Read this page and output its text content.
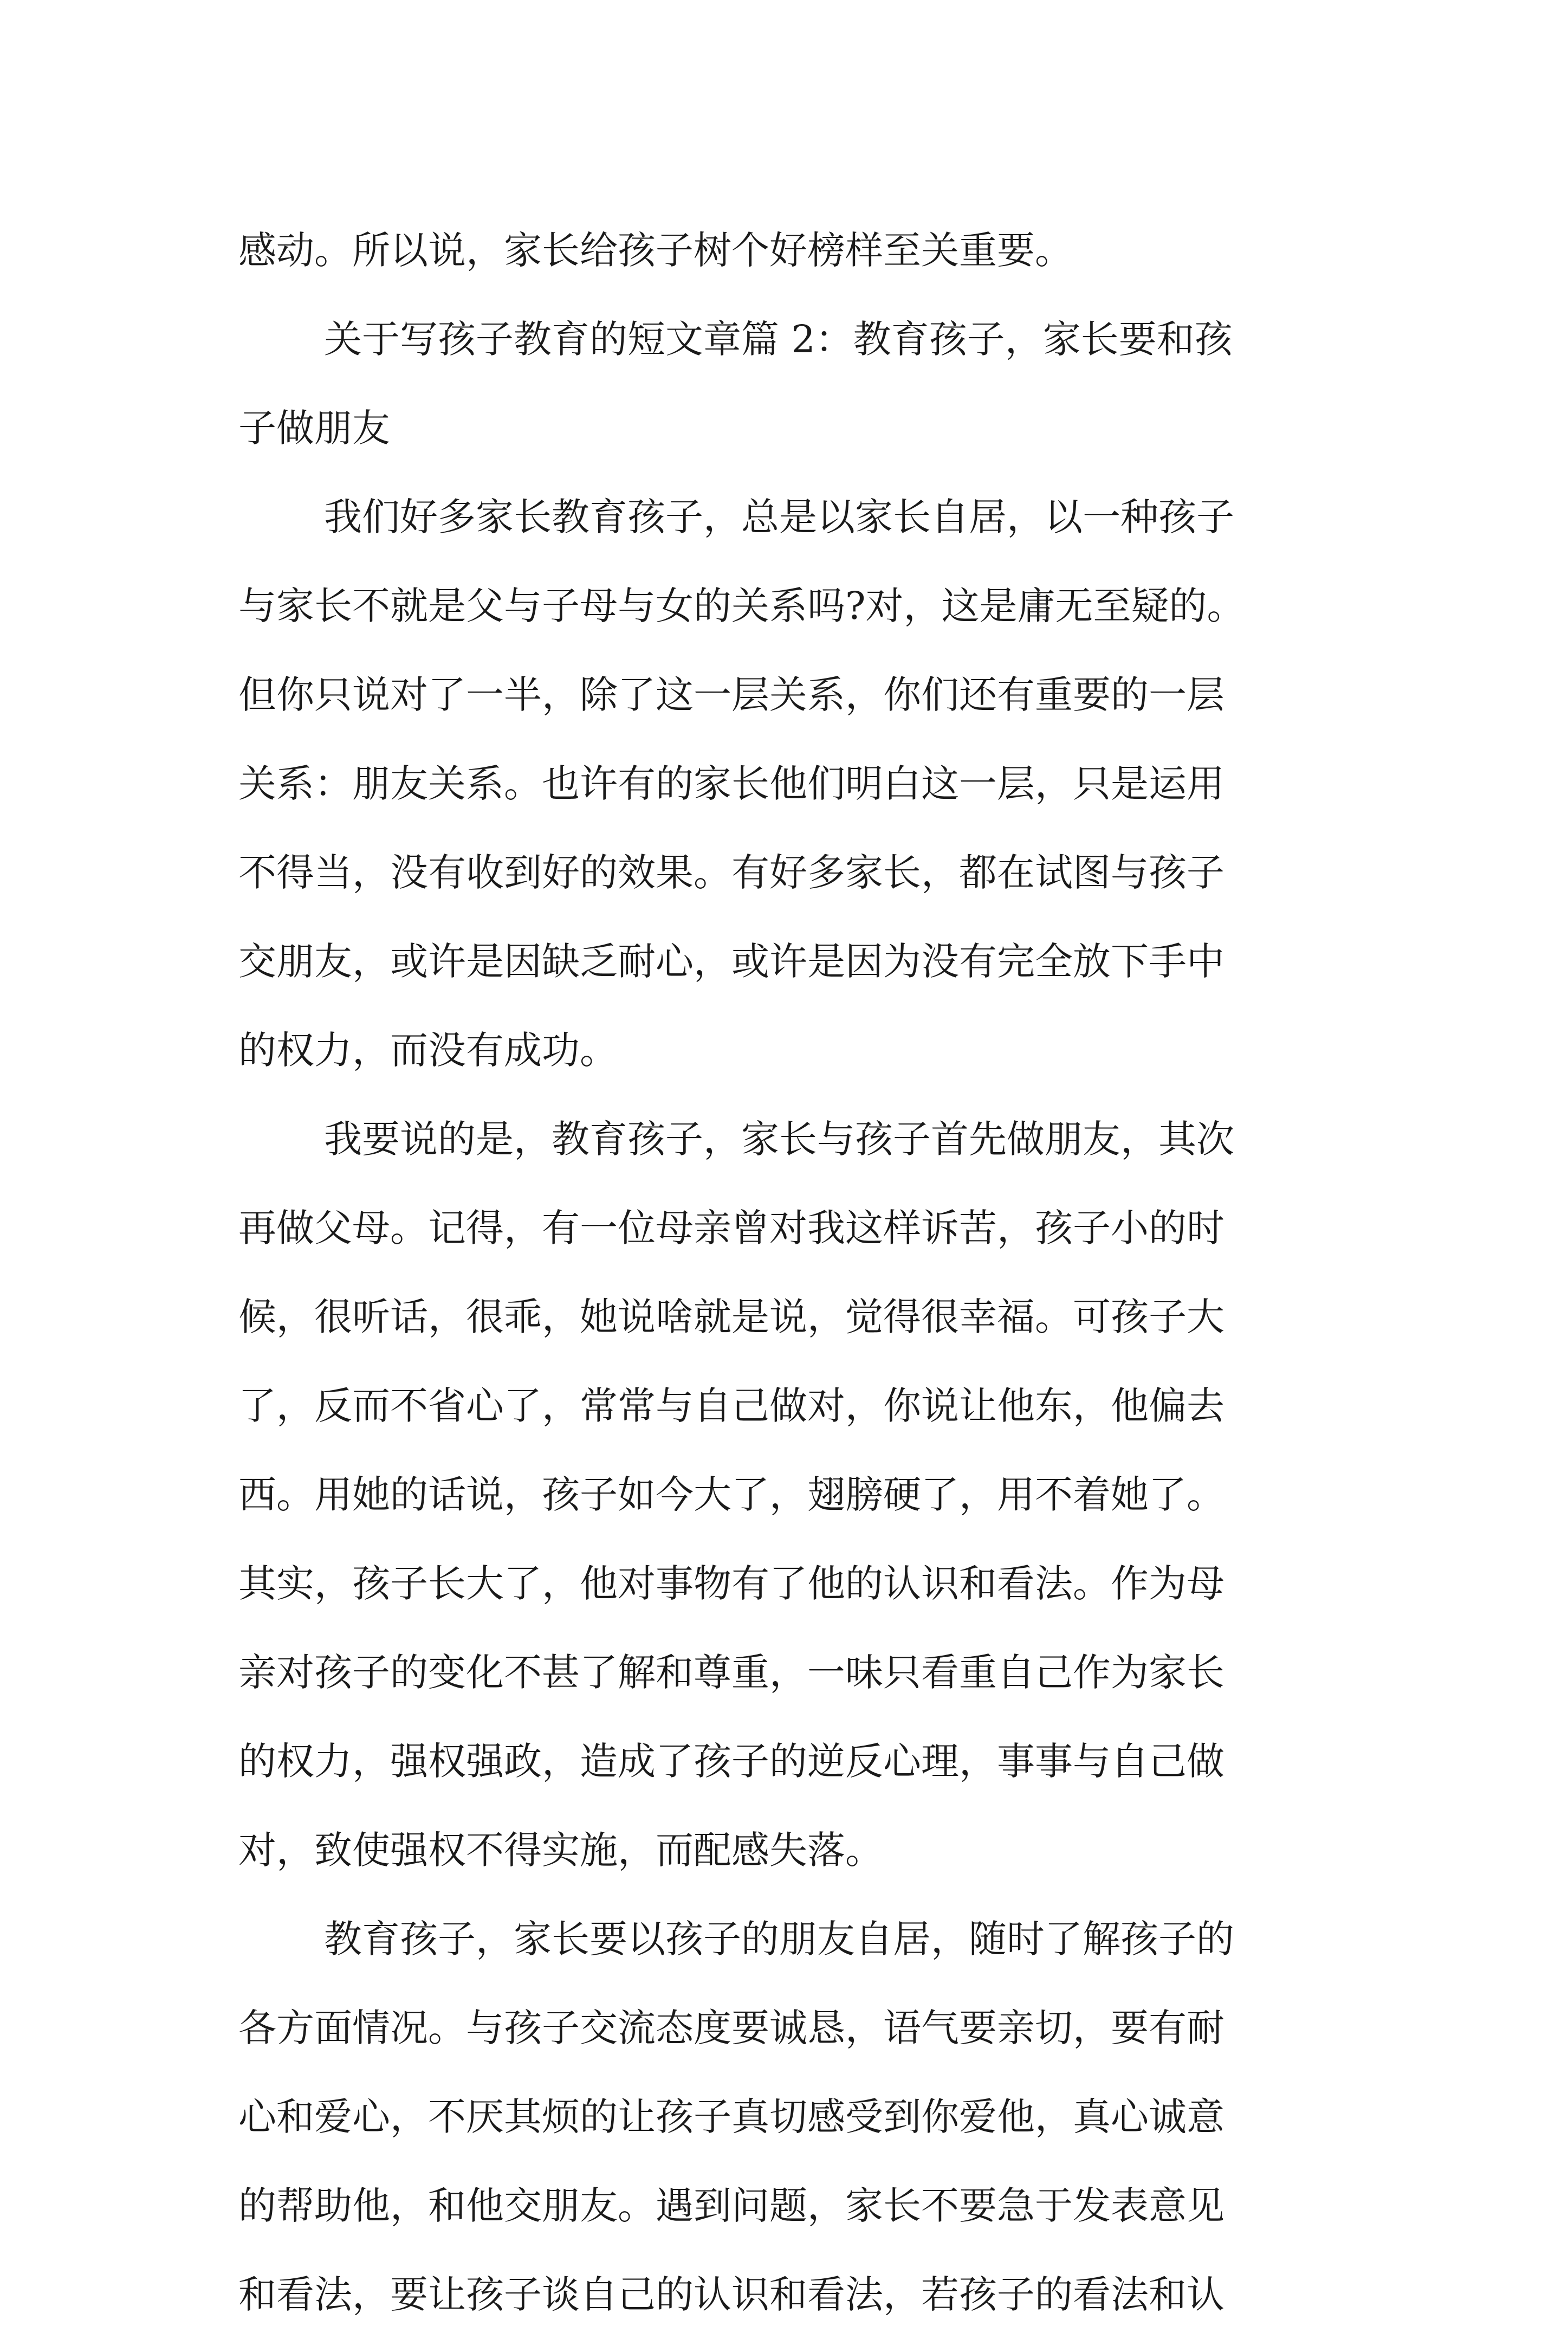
感动。所以说，家长给孩子树个好榜样至关重要。
关于写孩子教育的短文章篇 2：教育孩子，家长要和孩
子做朋友
我们好多家长教育孩子，总是以家长自居，以一种孩子
与家长不就是父与子母与女的关系吗?对，这是庸无至疑的。
但你只说对了一半，除了这一层关系，你们还有重要的一层
关系：朋友关系。也许有的家长他们明白这一层，只是运用
不得当，没有收到好的效果。有好多家长，都在试图与孩子
交朋友，或许是因缺乏耐心，或许是因为没有完全放下手中
的权力，而没有成功。
我要说的是，教育孩子，家长与孩子首先做朋友，其次
再做父母。记得，有一位母亲曾对我这样诉苦，孩子小的时
候，很听话，很乖，她说啥就是说，觉得很幸福。可孩子大
了，反而不省心了，常常与自己做对，你说让他东，他偏去
西。用她的话说，孩子如今大了，翅膀硬了，用不着她了。
其实，孩子长大了，他对事物有了他的认识和看法。作为母
亲对孩子的变化不甚了解和尊重，一味只看重自己作为家长
的权力，强权强政，造成了孩子的逆反心理，事事与自己做
对，致使强权不得实施，而配感失落。
教育孩子，家长要以孩子的朋友自居，随时了解孩子的
各方面情况。与孩子交流态度要诚恳，语气要亲切，要有耐
心和爱心，不厌其烦的让孩子真切感受到你爱他，真心诚意
的帮助他，和他交朋友。遇到问题，家长不要急于发表意见
和看法，要让孩子谈自己的认识和看法，若孩子的看法和认
